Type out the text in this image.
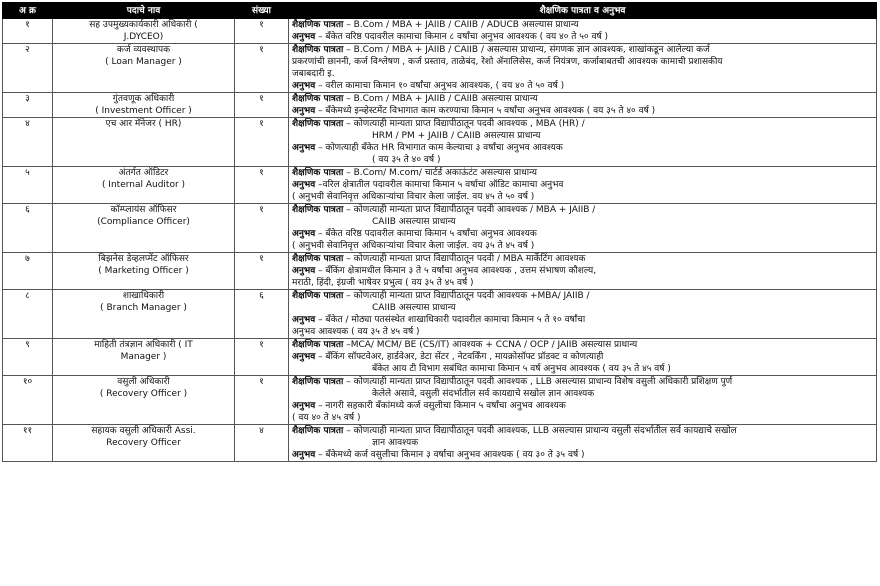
अ क्र	पदाचे नाव	संख्या	शैक्षणिक पात्रता व अनुभव
१	सह उपमुख्यकार्यकारी अधिकारी (
J.DYCEO)	१	शैक्षणिक पात्रता – B.Com / MBA + JAIIB / CAIIB / ADUCB असल्यास प्राधान्य
अनुभव – बँकेत वरिष्ठ पदावरील कामाचा किमान ८ वर्षांचा अनुभव आवश्यक ( वय ४० ते ५० वर्ष )

२	कर्ज व्यवस्थापक
( Loan Manager )	१	शैक्षणिक पात्रता – B.Com / MBA + JAIIB / CAIIB / असल्यास प्राधान्य, संगणक ज्ञान आवश्यक, शाखांकडून आलेल्या कर्ज
प्रकरणांची छाननी, कर्ज विश्लेषण , कर्ज प्रस्ताव, ताळेबंद, रेशो ॲनालिसेस, कर्ज नियंत्रण, कर्जाबाबतची आवश्यक कामाची प्रशासकीय
जबाबदारी इ.
अनुभव – वरील कामाचा किमान १० वर्षांचा अनुभव आवश्यक, ( वय ४० ते ५० वर्ष )

३	गुंतवणूक अधिकारी
( Investment Officer )	१	शैक्षणिक पात्रता – B.Com / MBA + JAIIB / CAIIB असल्यास प्राधान्य
अनुभव – बँकेमध्ये इन्व्हेस्टमेंट विभागात काम करण्याचा किमान ५ वर्षांचा अनुभव आवश्यक ( वय ३५ ते ४० वर्ष )

४	एच आर मॅनेजर ( HR)	१	शैक्षणिक पात्रता – कोणत्याही मान्यता प्राप्त विद्यापीठातून पदवी आवश्यक , MBA (HR) /
HRM / PM + JAIIB / CAIIB असल्यास प्राधान्य
अनुभव – कोणत्याही बँकेत HR विभागात काम केल्याचा ३ वर्षांचा अनुभव आवश्यक
( वय ३५ ते ४० वर्ष )

५	अंतर्गत ऑडिटर
( Internal Auditor )	१	शैक्षणिक पात्रता – B.Com/ M.com/ चार्टर्ड अकाऊंटंट असल्यास प्राधान्य
अनुभव –वरिल क्षेत्रातील पदावरील कामाचा किमान ५ वर्षाचा ऑडिट कामाचा अनुभव
( अनुभवी सेवानिवृत्त अधिकाऱ्यांचा विचार केला जाईल. वय ४५ ते ५० वर्ष )

६	कॉम्प्लायंस ऑफिसर
(Compliance Officer)	१	शैक्षणिक पात्रता – कोणत्याही मान्यता प्राप्त विद्यापीठातून पदवी आवश्यक / MBA + JAIIB /
CAIIB असल्यास प्राधान्य
अनुभव – बँकेत वरिष्ठ पदावरील कामाचा किमान ५ वर्षांचा अनुभव आवश्यक
( अनुभवी सेवानिवृत्त अधिकाऱ्यांचा विचार केला जाईल. वय ३५ ते ४५ वर्ष )

७	बिझनेस डेव्हलप्मेंट ऑफिसर
( Marketing Officer )	१	शैक्षणिक पात्रता – कोणत्याही मान्यता प्राप्त विद्यापीठातून पदवी / MBA मार्केटिंग आवश्यक
अनुभव – बँकिंग क्षेत्रामधील किमान ३ ते ५ वर्षांचा अनुभव आवश्यक , उत्तम संभाषण कौशल्य,
मराठी, हिंदी, इंग्रजी भाषेवर प्रभुत्व ( वय ३५ ते ४५ वर्ष )

८	शाखाधिकारी
( Branch Manager )	६	शैक्षणिक पात्रता – कोणत्याही मान्यता प्राप्त विद्यापीठातून पदवी आवश्यक +MBA/ JAIIB /
CAIIB असल्यास प्राधान्य
अनुभव – बँकेत / मोठ्या पतसंस्थेत शाखाधिकारी पदावरील कामाचा किमान ५ ते १० वर्षांचा
अनुभव आवश्यक ( वय ३५ ते ४५ वर्ष )

९	माहिती तंत्रज्ञान अधिकारी ( IT
Manager )	१	शैक्षणिक पात्रता –MCA/ MCM/ BE (CS/IT) आवश्यक + CCNA / OCP / JAIIB असल्यास प्राधान्य
अनुभव – बँकिंग सॉफ्टवेअर, हार्डवेअर, डेटा सेंटर , नेटवर्किंग , मायक्रोसॉफ्ट प्रॉडक्ट व कोणत्याही
बँकेत आय टी विभाग सबंधित कामाचा किमान ५ वर्ष अनुभव आवश्यक ( वय ३५ ते ४५ वर्ष )

१०	वसुली अधिकारी
( Recovery Officer )	१	शैक्षणिक पात्रता – कोणत्याही मान्यता प्राप्त विद्यापीठातून पदवी आवश्यक , LLB असल्यास प्राधान्य विशेष वसुली अधिकारी प्रशिक्षण पुर्ण
केलेले असावे, वसुली संदर्भातील सर्व कायद्याचे सखोल ज्ञान आवश्यक
अनुभव – नागरी सहकारी बँकांमध्ये कर्ज वसुलीचा किमान ५ वर्षांचा अनुभव आवश्यक
( वय ४० ते ४५ वर्ष )

११	सहायक वसुली अधिकारी Assi.
Recovery Officer	४	शैक्षणिक पात्रता – कोणत्याही मान्यता प्राप्त विद्यापीठातून पदवी आवश्यक, LLB असल्यास प्राधान्य वसुली संदर्भातील सर्व कायद्याचे सखोल
ज्ञान आवश्यक
अनुभव – बँकेमध्ये कर्ज वसुलीचा किमान ३ वर्षाचा अनुभव आवश्यक ( वय ३० ते ३५ वर्ष )
